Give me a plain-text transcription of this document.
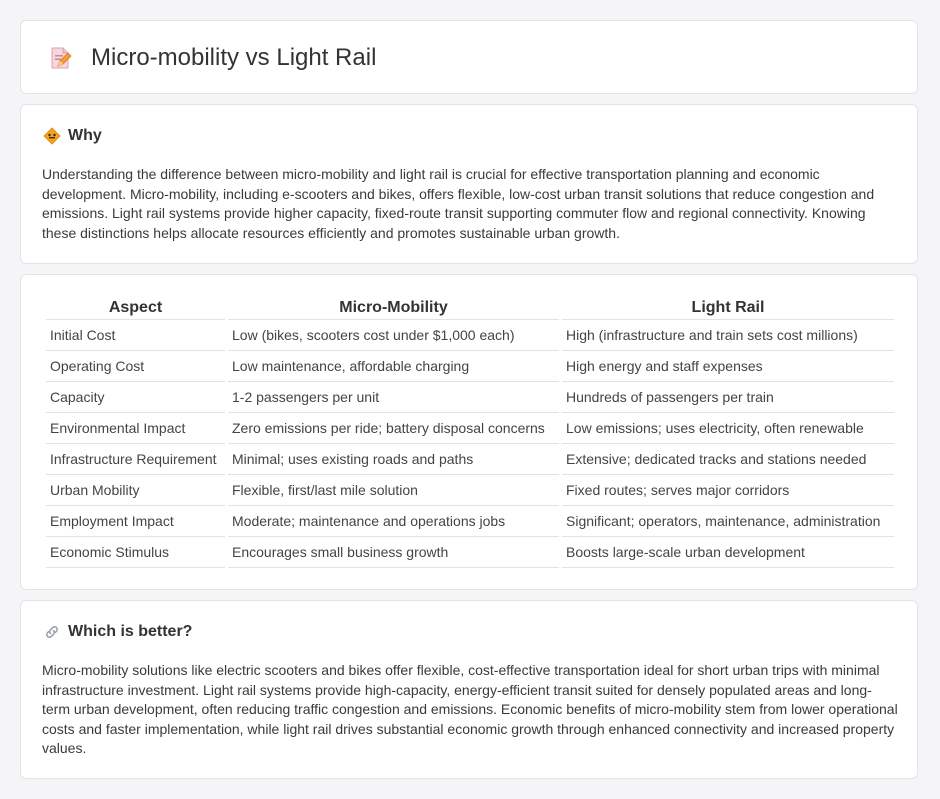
Micro-mobility vs Light Rail
Why

Understanding the difference between micro-mobility and light rail is crucial for effective transportation planning and economic development. Micro-mobility, including e-scooters and bikes, offers flexible, low-cost urban transit solutions that reduce congestion and emissions. Light rail systems provide higher capacity, fixed-route transit supporting commuter flow and regional connectivity. Knowing these distinctions helps allocate resources efficiently and promotes sustainable urban growth.

Aspect	Micro-Mobility	Light Rail
Initial Cost	Low (bikes, scooters cost under $1,000 each)	High (infrastructure and train sets cost millions)
Operating Cost	Low maintenance, affordable charging	High energy and staff expenses
Capacity	1-2 passengers per unit	Hundreds of passengers per train
Environmental Impact	Zero emissions per ride; battery disposal concerns	Low emissions; uses electricity, often renewable
Infrastructure Requirement	Minimal; uses existing roads and paths	Extensive; dedicated tracks and stations needed
Urban Mobility	Flexible, first/last mile solution	Fixed routes; serves major corridors
Employment Impact	Moderate; maintenance and operations jobs	Significant; operators, maintenance, administration
Economic Stimulus	Encourages small business growth	Boosts large-scale urban development
Which is better?

Micro-mobility solutions like electric scooters and bikes offer flexible, cost-effective transportation ideal for short urban trips with minimal infrastructure investment. Light rail systems provide high-capacity, energy-efficient transit suited for densely populated areas and long-term urban development, often reducing traffic congestion and emissions. Economic benefits of micro-mobility stem from lower operational costs and faster implementation, while light rail drives substantial economic growth through enhanced connectivity and increased property values.
